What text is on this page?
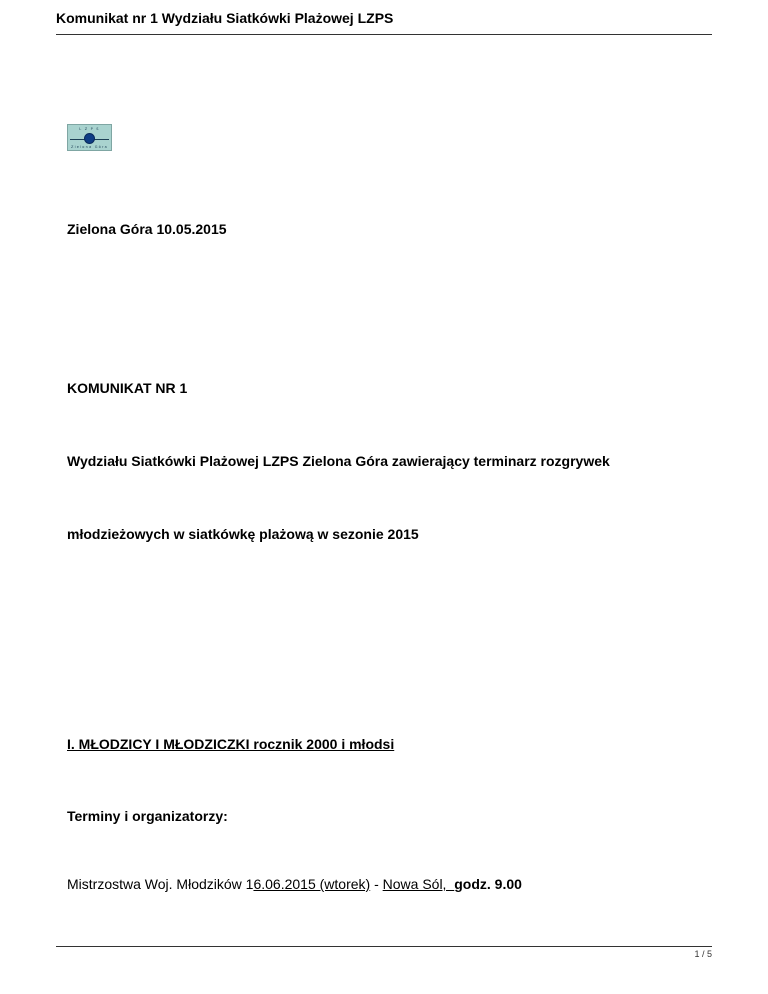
Komunikat nr 1 Wydziału Siatkówki Plażowej LZPS
L Z P S
Zielona Góra
Zielona Góra 10.05.2015
KOMUNIKAT NR 1
Wydziału Siatkówki Plażowej LZPS Zielona Góra zawierający terminarz rozgrywek
młodzieżowych w siatkówkę plażową w sezonie 2015
I. MŁODZICY I MŁODZICZKI rocznik 2000 i młodsi
Terminy i organizatorzy:
Mistrzostwa Woj. Młodzików 16.06.2015 (wtorek) - Nowa Sól,  godz. 9.00
1 / 5
